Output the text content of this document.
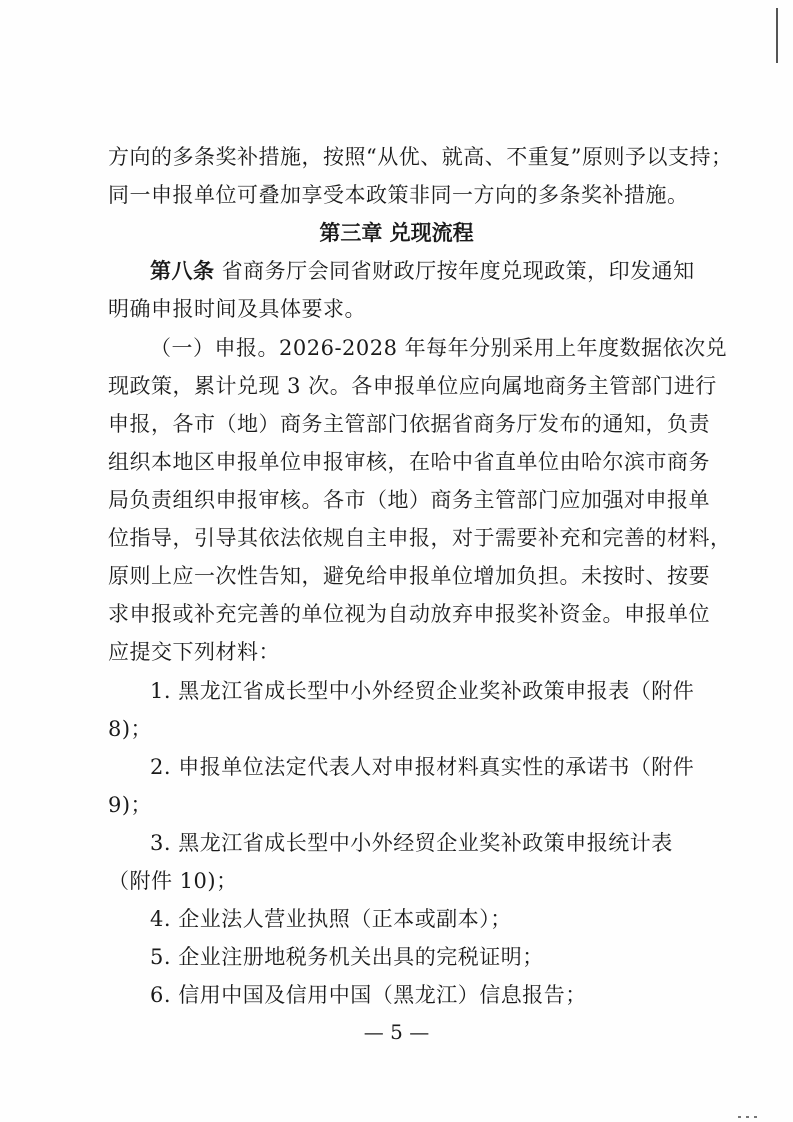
方向的多条奖补措施，按照“从优、就高、不重复”原则予以支持；
同一申报单位可叠加享受本政策非同一方向的多条奖补措施。
第三章 兑现流程
第八条 省商务厅会同省财政厅按年度兑现政策，印发通知
明确申报时间及具体要求。
（一）申报。2026-2028 年每年分别采用上年度数据依次兑
现政策，累计兑现 3 次。各申报单位应向属地商务主管部门进行
申报，各市（地）商务主管部门依据省商务厅发布的通知，负责
组织本地区申报单位申报审核，在哈中省直单位由哈尔滨市商务
局负责组织申报审核。各市（地）商务主管部门应加强对申报单
位指导，引导其依法依规自主申报，对于需要补充和完善的材料，
原则上应一次性告知，避免给申报单位增加负担。未按时、按要
求申报或补充完善的单位视为自动放弃申报奖补资金。申报单位
应提交下列材料：
1. 黑龙江省成长型中小外经贸企业奖补政策申报表（附件
8)；
2. 申报单位法定代表人对申报材料真实性的承诺书（附件
9)；
3. 黑龙江省成长型中小外经贸企业奖补政策申报统计表
（附件 10)；
4. 企业法人营业执照（正本或副本）；
5. 企业注册地税务机关出具的完税证明；
6. 信用中国及信用中国（黑龙江）信息报告；
— 5 —
